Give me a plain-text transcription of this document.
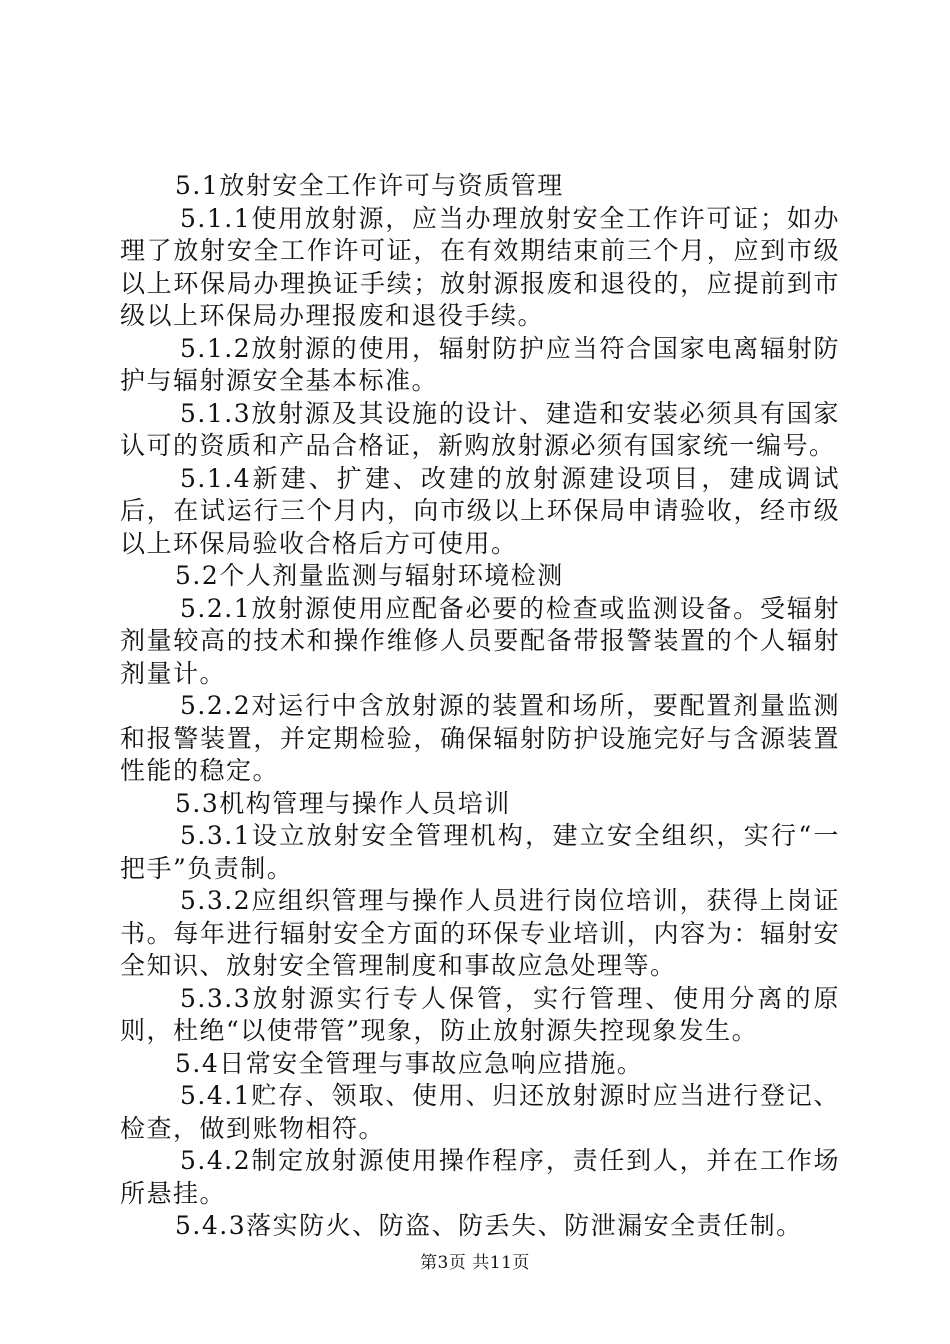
5.1放射安全工作许可与资质管理

5.1.1使用放射源，应当办理放射安全工作许可证；如办理了放射安全工作许可证，在有效期结束前三个月，应到市级以上环保局办理换证手续；放射源报废和退役的，应提前到市级以上环保局办理报废和退役手续。

5.1.2放射源的使用，辐射防护应当符合国家电离辐射防护与辐射源安全基本标准。

5.1.3放射源及其设施的设计、建造和安装必须具有国家认可的资质和产品合格证，新购放射源必须有国家统一编号。

5.1.4新建、扩建、改建的放射源建设项目，建成调试后，在试运行三个月内，向市级以上环保局申请验收，经市级以上环保局验收合格后方可使用。

5.2个人剂量监测与辐射环境检测

5.2.1放射源使用应配备必要的检查或监测设备。受辐射剂量较高的技术和操作维修人员要配备带报警装置的个人辐射剂量计。

5.2.2对运行中含放射源的装置和场所，要配置剂量监测和报警装置，并定期检验，确保辐射防护设施完好与含源装置性能的稳定。

5.3机构管理与操作人员培训

5.3.1设立放射安全管理机构，建立安全组织，实行“一把手”负责制。

5.3.2应组织管理与操作人员进行岗位培训，获得上岗证书。每年进行辐射安全方面的环保专业培训，内容为：辐射安全知识、放射安全管理制度和事故应急处理等。

5.3.3放射源实行专人保管，实行管理、使用分离的原则，杜绝“以使带管”现象，防止放射源失控现象发生。

5.4日常安全管理与事故应急响应措施。

5.4.1贮存、领取、使用、归还放射源时应当进行登记、检查，做到账物相符。

5.4.2制定放射源使用操作程序，责任到人，并在工作场所悬挂。

5.4.3落实防火、防盗、防丢失、防泄漏安全责任制。

第3页 共11页
